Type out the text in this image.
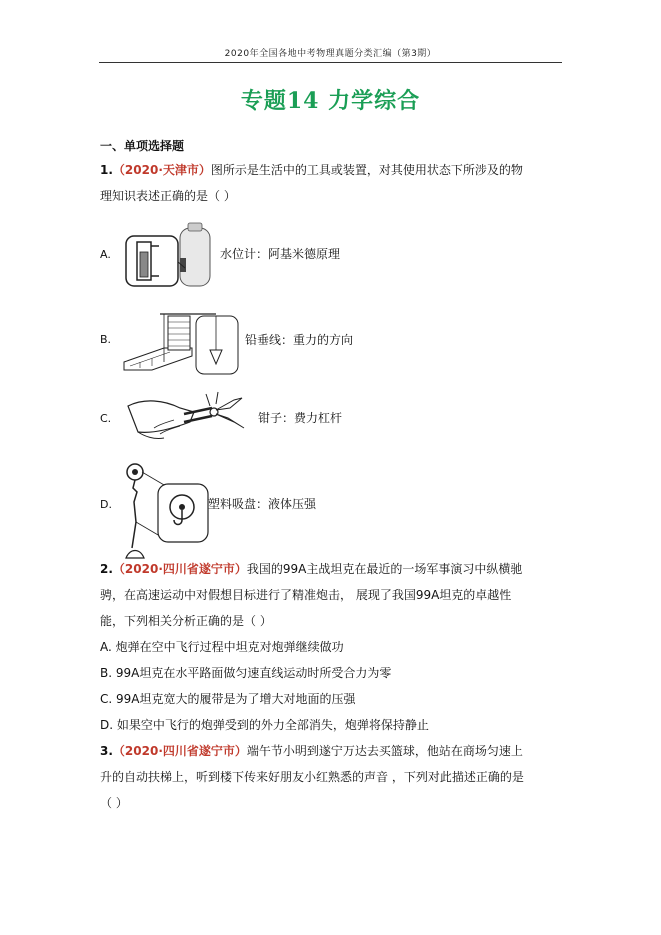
2020年全国各地中考物理真题分类汇编（第3期）
专题14 力学综合
一、单项选择题
1.（2020·天津市）图所示是生活中的工具或装置，对其使用状态下所涉及的物
理知识表述正确的是（ ）
A.	水位计：阿基米德原理
B.	铅垂线：重力的方向
C.	钳子：费力杠杆
D.	塑料吸盘：液体压强
2.（2020·四川省遂宁市）我国的99A主战坦克在最近的一场军事演习中纵横驰
骋，在高速运动中对假想目标进行了精准炮击， 展现了我国99A坦克的卓越性
能，下列相关分析正确的是（ ）
A. 炮弹在空中飞行过程中坦克对炮弹继续做功
B. 99A坦克在水平路面做匀速直线运动时所受合力为零
C. 99A坦克宽大的履带是为了增大对地面的压强
D. 如果空中飞行的炮弹受到的外力全部消失，炮弹将保持静止
3.（2020·四川省遂宁市）端午节小明到遂宁万达去买篮球，他站在商场匀速上
升的自动扶梯上，听到楼下传来好朋友小红熟悉的声音 ，下列对此描述正确的是
（ ）
